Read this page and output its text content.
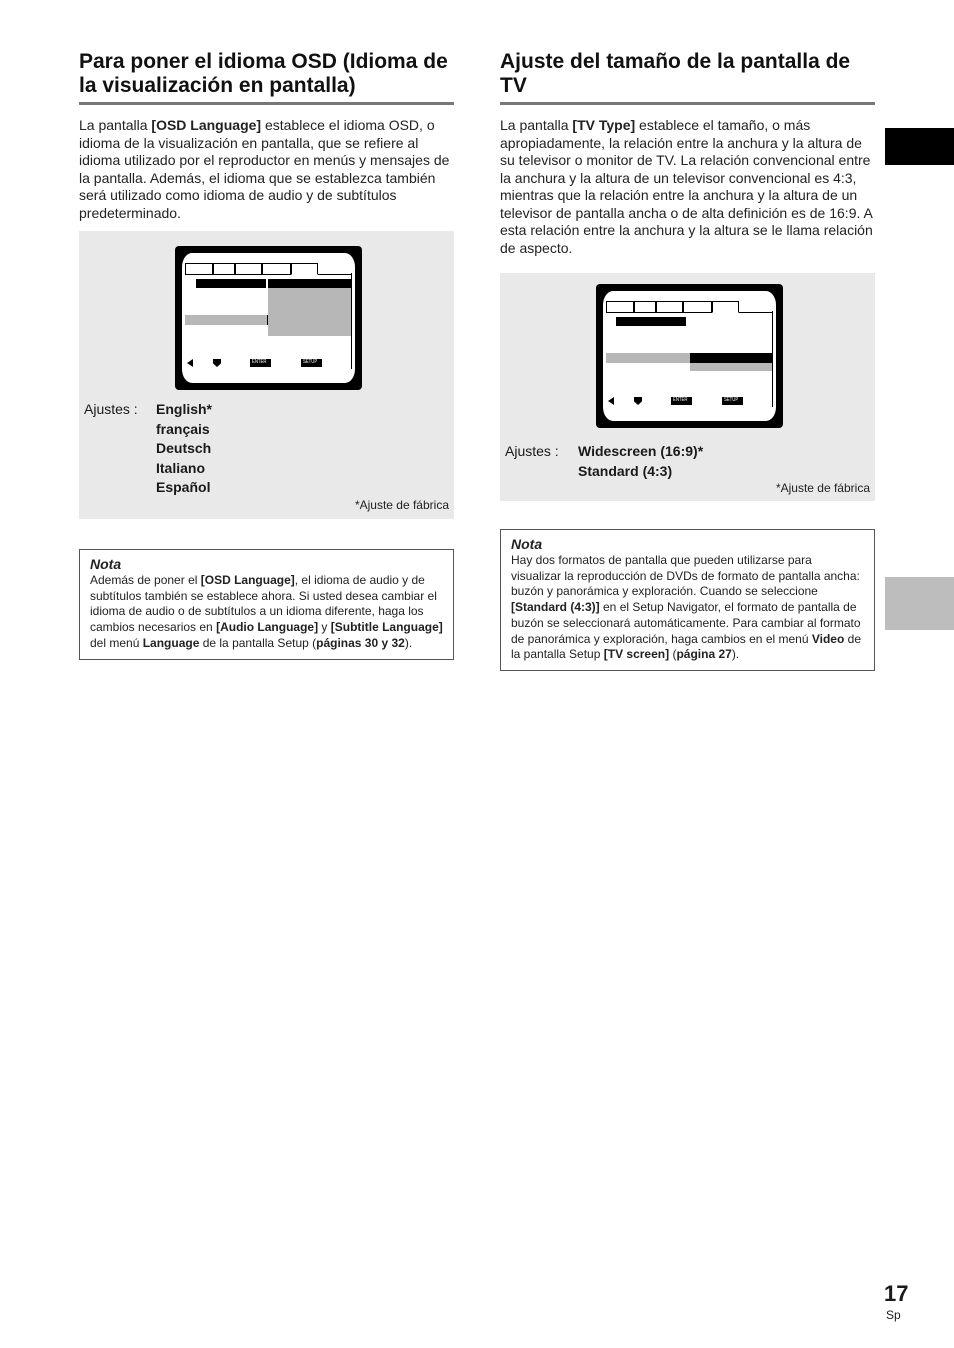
Para poner el idioma OSD (Idioma de la visualización en pantalla)

La pantalla [OSD Language] establece el idioma OSD, o idioma de la visualización en pantalla, que se refiere al idioma utilizado por el reproductor en menús y mensajes de la pantalla. Además, el idioma que se establezca también será utilizado como idioma de audio y de subtítulos predeterminado.

ENTER	SETUP
Ajustes : English*
français
Deutsch
Italiano
Español
*Ajuste de fábrica
Nota
Además de poner el [OSD Language], el idioma de audio y de subtítulos también se establece ahora. Si usted desea cambiar el idioma de audio o de subtítulos a un idioma diferente, haga los cambios necesarios en [Audio Language] y [Subtitle Language] del menú Language de la pantalla Setup (páginas 30 y 32).
Ajuste del tamaño de la pantalla de TV

La pantalla [TV Type] establece el tamaño, o más apropiadamente, la relación entre la anchura y la altura de su televisor o monitor de TV. La relación convencional entre la anchura y la altura de un televisor convencional es 4:3, mientras que la relación entre la anchura y la altura de un televisor de pantalla ancha o de alta definición es de 16:9. A esta relación entre la anchura y la altura se le llama relación de aspecto.

ENTER	SETUP
Ajustes : Widescreen (16:9)*
Standard (4:3)
*Ajuste de fábrica
Nota
Hay dos formatos de pantalla que pueden utilizarse para visualizar la reproducción de DVDs de formato de pantalla ancha: buzón y panorámica y exploración. Cuando se seleccione [Standard (4:3)] en el Setup Navigator, el formato de pantalla de buzón se seleccionará automáticamente. Para cambiar al formato de panorámica y exploración, haga cambios en el menú Video de la pantalla Setup [TV screen] (página 27).
17
Sp
